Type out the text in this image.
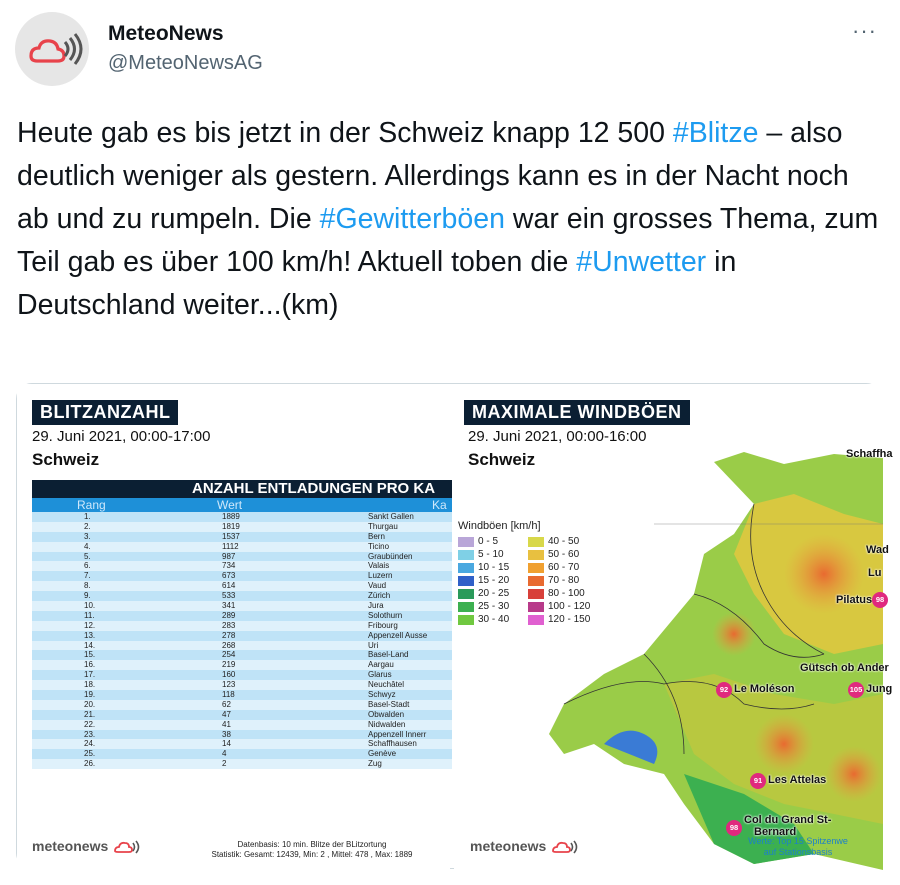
MeteoNews
@MeteoNewsAG
···
Heute gab es bis jetzt in der Schweiz knapp 12 500 #Blitze – also deutlich weniger als gestern. Allerdings kann es in der Nacht noch ab und zu rumpeln. Die #Gewitterböen war ein grosses Thema, zum Teil gab es über 100 km/h! Aktuell toben die #Unwetter in Deutschland weiter...(km)
BLITZANZAHL
29. Juni 2021, 00:00-17:00
Schweiz
ANZAHL ENTLADUNGEN PRO KA
Rang	Wert	Ka
1.	1889	Sankt Gallen
2.	1819	Thurgau
3.	1537	Bern
4.	1112	Ticino
5.	987	Graubünden
6.	734	Valais
7.	673	Luzern
8.	614	Vaud
9.	533	Zürich
10.	341	Jura
11.	289	Solothurn
12.	283	Fribourg
13.	278	Appenzell Ausse
14.	268	Uri
15.	254	Basel-Land
16.	219	Aargau
17.	160	Glarus
18.	123	Neuchâtel
19.	118	Schwyz
20.	62	Basel-Stadt
21.	47	Obwalden
22.	41	Nidwalden
23.	38	Appenzell Innerr
24.	14	Schaffhausen
25.	4	Genève
26.	2	Zug
meteonews	Datenbasis: 10 min. Blitze der BLitzortung
Statistik: Gesamt: 12439, Min: 2 , Mittel: 478 , Max: 1889
MAXIMALE WINDBÖEN
29. Juni 2021, 00:00-16:00
Schweiz
Windböen [km/h]
0 - 5	40 - 50
5 - 10	50 - 60
10 - 15	60 - 70
15 - 20	70 - 80
20 - 25	80 - 100
25 - 30	100 - 120
30 - 40	120 - 150
Schaffha
Wad
Lu
Pilatus 98
Gütsch ob Ander
92 Le Moléson	105 Jung
91 Les Attelas
98
Col du Grand St-
Bernard
Werte: Top 15 Spitzenwe
auf Stationsbasis
meteonews
